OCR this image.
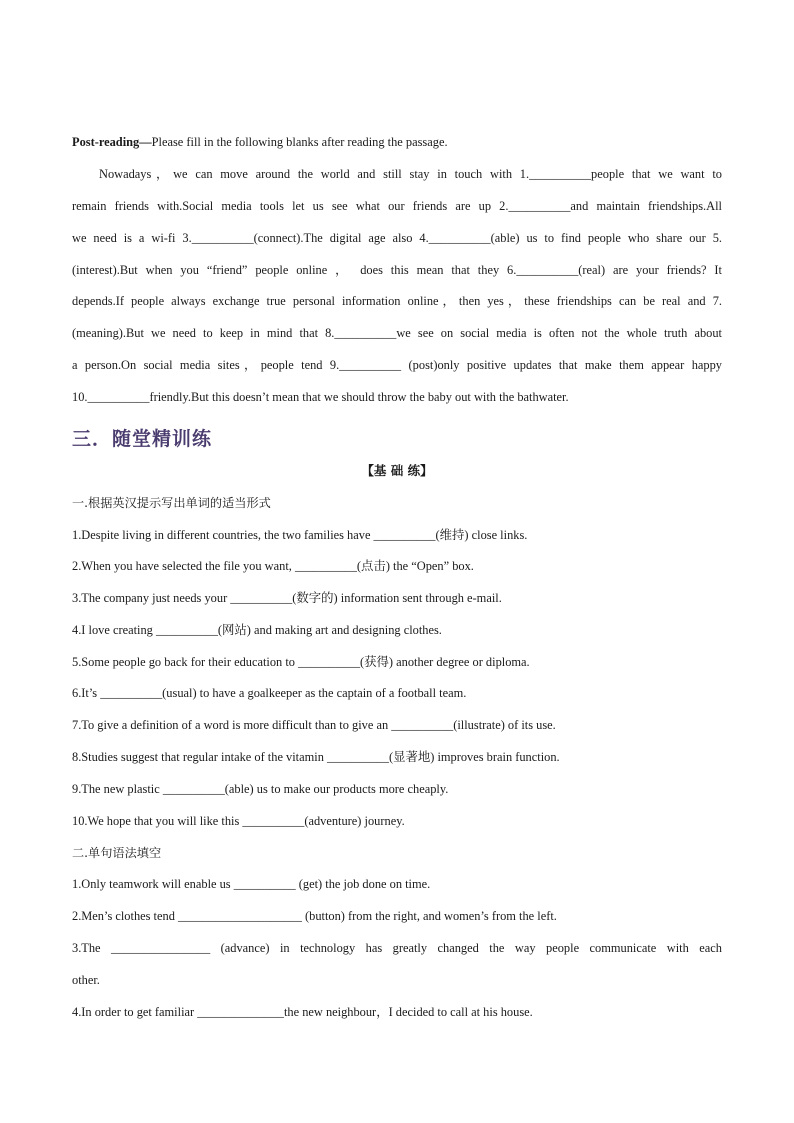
Post-reading—Please fill in the following blanks after reading the passage.
Nowadays，we can move around the world and still stay in touch with 1.__________people that we want to
remain friends with.Social media tools let us see what our friends are up 2.__________and maintain friendships.All
we need is a wi-fi 3.__________(connect).The digital age also 4.__________(able) us to find people who share our 5.
(interest).But when you “friend” people online ， does this mean that they 6.__________(real) are your friends? It
depends.If people always exchange true personal information online，then yes，these friendships can be real and 7.
(meaning).But we need to keep in mind that 8.__________we see on social media is often not the whole truth about
a person.On social media sites，people tend 9.__________ (post)only positive updates that make them appear happy
10.__________friendly.But this doesn’t mean that we should throw the baby out with the bathwater.
三．随堂精训练
【基 础 练】
一.根据英汉提示写出单词的适当形式
1.Despite living in different countries, the two families have __________(维持) close links.
2.When you have selected the file you want, __________(点击) the “Open” box.
3.The company just needs your __________(数字的) information sent through e-mail.
4.I love creating __________(网站) and making art and designing clothes.
5.Some people go back for their education to __________(获得) another degree or diploma.
6.It’s __________(usual) to have a goalkeeper as the captain of a football team.
7.To give a definition of a word is more difficult than to give an __________(illustrate) of its use.
8.Studies suggest that regular intake of the vitamin __________(显著地) improves brain function.
9.The new plastic __________(able) us to make our products more cheaply.
10.We hope that you will like this __________(adventure) journey.
二.单句语法填空
1.Only teamwork will enable us __________ (get) the job done on time.
2.Men’s clothes tend ____________________ (button) from the right, and women’s from the left.
3.The ________________ (advance) in technology has greatly changed the way people communicate with each
other.
4.In order to get familiar ______________the new neighbour，I decided to call at his house.
